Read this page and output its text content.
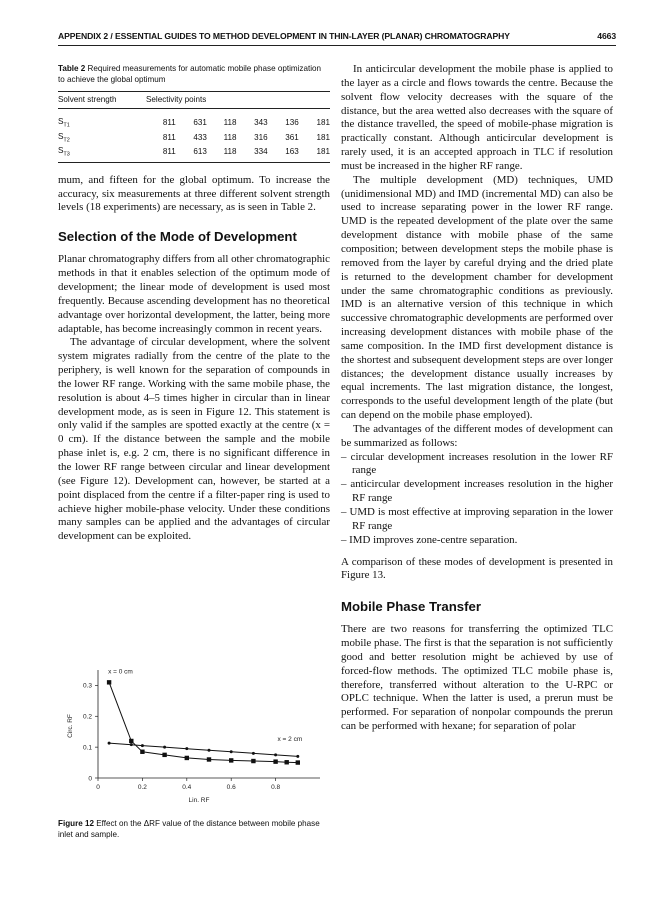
APPENDIX 2 / ESSENTIAL GUIDES TO METHOD DEVELOPMENT IN THIN-LAYER (PLANAR) CHROMATOGRAPHY	4663
Table 2 Required measurements for automatic mobile phase optimization to achieve the global optimum
Solvent strength	Selectivity points					
$S_{T1}$	811	631	118	343	136	181
$S_{T2}$	811	433	118	316	361	181
$S_{T3}$	811	613	118	334	163	181

mum, and fifteen for the global optimum. To increase the accuracy, six measurements at three different solvent strength levels (18 experiments) are necessary, as is seen in Table 2.

Selection of the Mode of Development

Planar chromatography differs from all other chromatographic methods in that it enables selection of the optimum mode of development; the linear mode of development is used most frequently. Because ascending development has no theoretical advantage over horizontal development, the latter, being more adaptable, has become increasingly common in recent years.

The advantage of circular development, where the solvent system migrates radially from the centre of the plate to the periphery, is well known for the separation of compounds in the lower RF range. Working with the same mobile phase, the resolution is about 4–5 times higher in circular than in linear development mode, as is seen in Figure 12. This statement is only valid if the samples are spotted exactly at the centre (x = 0 cm). If the distance between the sample and the mobile phase inlet is, e.g. 2 cm, there is no significant difference in the lower RF range between circular and linear development (see Figure 12). Development can, however, be started at a point displaced from the centre if a filter-paper ring is used to achieve higher mobile-phase velocity. Under these conditions many samples can be applied and the advantages of circular development can be exploited.

0	0.2	0.4	0.6	0.8
0
0.1
0.2
0.3
Lin. RF
Circ. RF
x = 0 cm
x = 2 cm
Figure 12 Effect on the ΔRF value of the distance between mobile phase inlet and sample.

In anticircular development the mobile phase is applied to the layer as a circle and flows towards the centre. Because the solvent flow velocity decreases with the square of the distance, but the area wetted also decreases with the square of the distance travelled, the speed of mobile-phase migration is practically constant. Although anticircular development is rarely used, it is an accepted approach in TLC if resolution must be increased in the higher RF range.

The multiple development (MD) techniques, UMD (unidimensional MD) and IMD (incremental MD) can also be used to increase separating power in the lower RF range. UMD is the repeated development of the plate over the same development distance with mobile phase of the same composition; between development steps the mobile phase is removed from the layer by careful drying and the dried plate is returned to the development chamber for development under the same chromatographic conditions as previously. IMD is an alternative version of this technique in which successive chromatographic developments are performed over increasing development distances with mobile phase of the same composition. In the IMD first development distance is the shortest and subsequent development steps are over longer distances; the development distance usually increases by equal increments. The last migration distance, the longest, corresponds to the useful development length of the plate (but can depend on the mobile phase employed).

The advantages of the different modes of development can be summarized as follows:

– circular development increases resolution in the lower RF range
– anticircular development increases resolution in the higher RF range
– UMD is most effective at improving separation in the lower RF range
– IMD improves zone-centre separation.

A comparison of these modes of development is presented in Figure 13.

Mobile Phase Transfer

There are two reasons for transferring the optimized TLC mobile phase. The first is that the separation is not sufficiently good and better resolution might be achieved by use of forced-flow methods. The optimized TLC mobile phase is, therefore, transferred without alteration to the U-RPC or OPLC technique. When the latter is used, a prerun must be performed. For separation of nonpolar compounds the prerun can be performed with hexane; for separation of polar
